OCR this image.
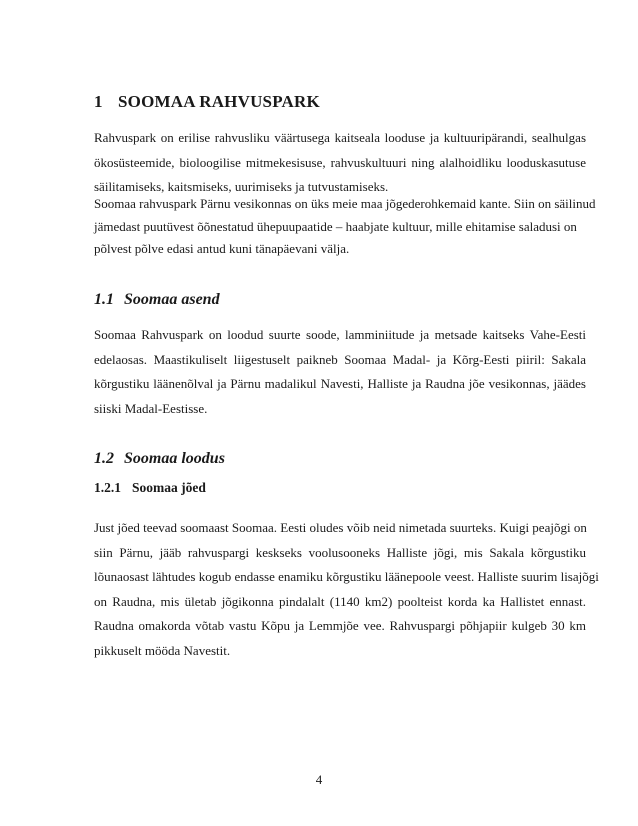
1 SOOMAA RAHVUSPARK
Rahvuspark on erilise rahvusliku väärtusega kaitseala looduse ja kultuuripärandi, sealhulgas
ökosüsteemide, bioloogilise mitmekesisuse, rahvuskultuuri ning alalhoidliku looduskasutuse
säilitamiseks, kaitsmiseks, uurimiseks ja tutvustamiseks.
Soomaa rahvuspark Pärnu vesikonnas on üks meie maa jõgederohkemaid kante. Siin on säilinud
jämedast puutüvest õõnestatud ühepuupaatide – haabjate kultuur, mille ehitamise saladusi on
põlvest põlve edasi antud kuni tänapäevani välja.
1.1 Soomaa asend
Soomaa Rahvuspark on loodud suurte soode, lamminiitude ja metsade kaitseks Vahe-Eesti
edelaosas. Maastikuliselt liigestuselt paikneb Soomaa Madal- ja Kõrg-Eesti piiril: Sakala
kõrgustiku läänenõlval ja Pärnu madalikul Navesti, Halliste ja Raudna jõe vesikonnas, jäädes
siiski Madal-Eestisse.
1.2 Soomaa loodus
1.2.1 Soomaa jõed
Just jõed teevad soomaast Soomaa. Eesti oludes võib neid nimetada suurteks. Kuigi peajõgi on
siin Pärnu, jääb rahvuspargi keskseks voolusooneks Halliste jõgi, mis Sakala kõrgustiku
lõunaosast lähtudes kogub endasse enamiku kõrgustiku läänepoole veest. Halliste suurim lisajõgi
on Raudna, mis ületab jõgikonna pindalalt (1140 km2) poolteist korda ka Hallistet ennast.
Raudna omakorda võtab vastu Kõpu ja Lemmjõe vee. Rahvuspargi põhjapiir kulgeb 30 km
pikkuselt mööda Navestit.
4
